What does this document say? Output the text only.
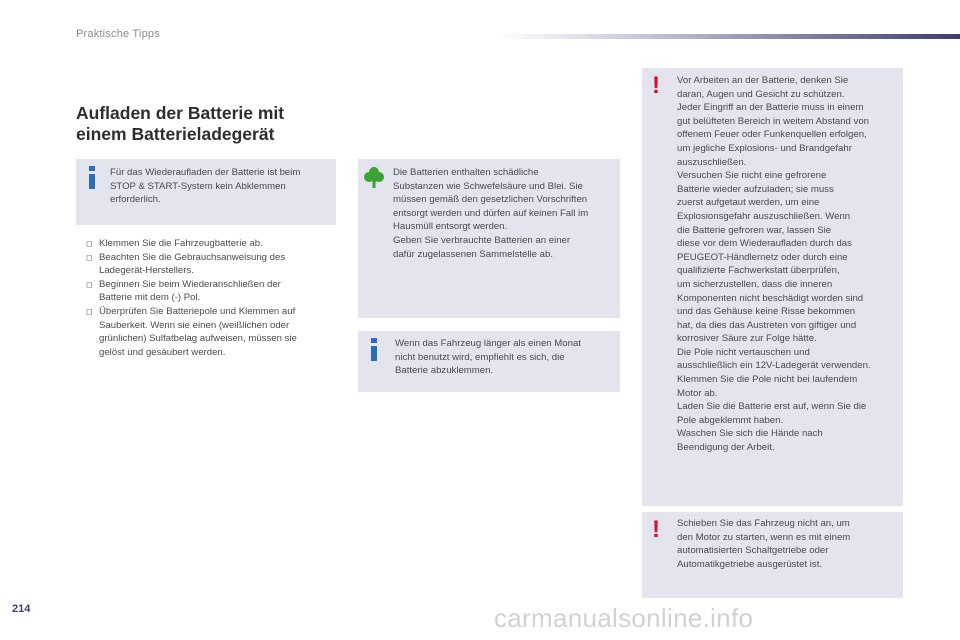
Praktische Tipps
Aufladen der Batterie mit
einem Batterieladegerät
Für das Wiederaufladen der Batterie ist beim
STOP & START-System kein Abklemmen
erforderlich.
◻ Klemmen Sie die Fahrzeugbatterie ab.
◻ Beachten Sie die Gebrauchsanweisung des
Ladegerät-Herstellers.
◻ Beginnen Sie beim Wiederanschließen der
Batterie mit dem (-) Pol.
◻ Überprüfen Sie Batteriepole und Klemmen auf
Sauberkeit. Wenn sie einen (weißlichen oder
grünlichen) Sulfatbelag aufweisen, müssen sie
gelöst und gesäubert werden.
Die Batterien enthalten schädliche
Substanzen wie Schwefelsäure und Blei. Sie
müssen gemäß den gesetzlichen Vorschriften
entsorgt werden und dürfen auf keinen Fall im
Hausmüll entsorgt werden.
Geben Sie verbrauchte Batterien an einer
dafür zugelassenen Sammelstelle ab.
Wenn das Fahrzeug länger als einen Monat
nicht benutzt wird, empfiehlt es sich, die
Batterie abzuklemmen.
! Vor Arbeiten an der Batterie, denken Sie
daran, Augen und Gesicht zu schützen.
Jeder Eingriff an der Batterie muss in einem
gut belüfteten Bereich in weitem Abstand von
offenem Feuer oder Funkenquellen erfolgen,
um jegliche Explosions- und Brandgefahr
auszuschließen.
Versuchen Sie nicht eine gefrorene
Batterie wieder aufzuladen; sie muss
zuerst aufgetaut werden, um eine
Explosionsgefahr auszuschließen. Wenn
die Batterie gefroren war, lassen Sie
diese vor dem Wiederaufladen durch das
PEUGEOT-Händlernetz oder durch eine
qualifizierte Fachwerkstatt überprüfen,
um sicherzustellen, dass die inneren
Komponenten nicht beschädigt worden sind
und das Gehäuse keine Risse bekommen
hat, da dies das Austreten von giftiger und
korrosiver Säure zur Folge hätte.
Die Pole nicht vertauschen und
ausschließlich ein 12V-Ladegerät verwenden.
Klemmen Sie die Pole nicht bei laufendem
Motor ab.
Laden Sie die Batterie erst auf, wenn Sie die
Pole abgeklemmt haben.
Waschen Sie sich die Hände nach
Beendigung der Arbeit.
! Schieben Sie das Fahrzeug nicht an, um
den Motor zu starten, wenn es mit einem
automatisierten Schaltgetriebe oder
Automatikgetriebe ausgerüstet ist.
214	carmanualsonline.info
